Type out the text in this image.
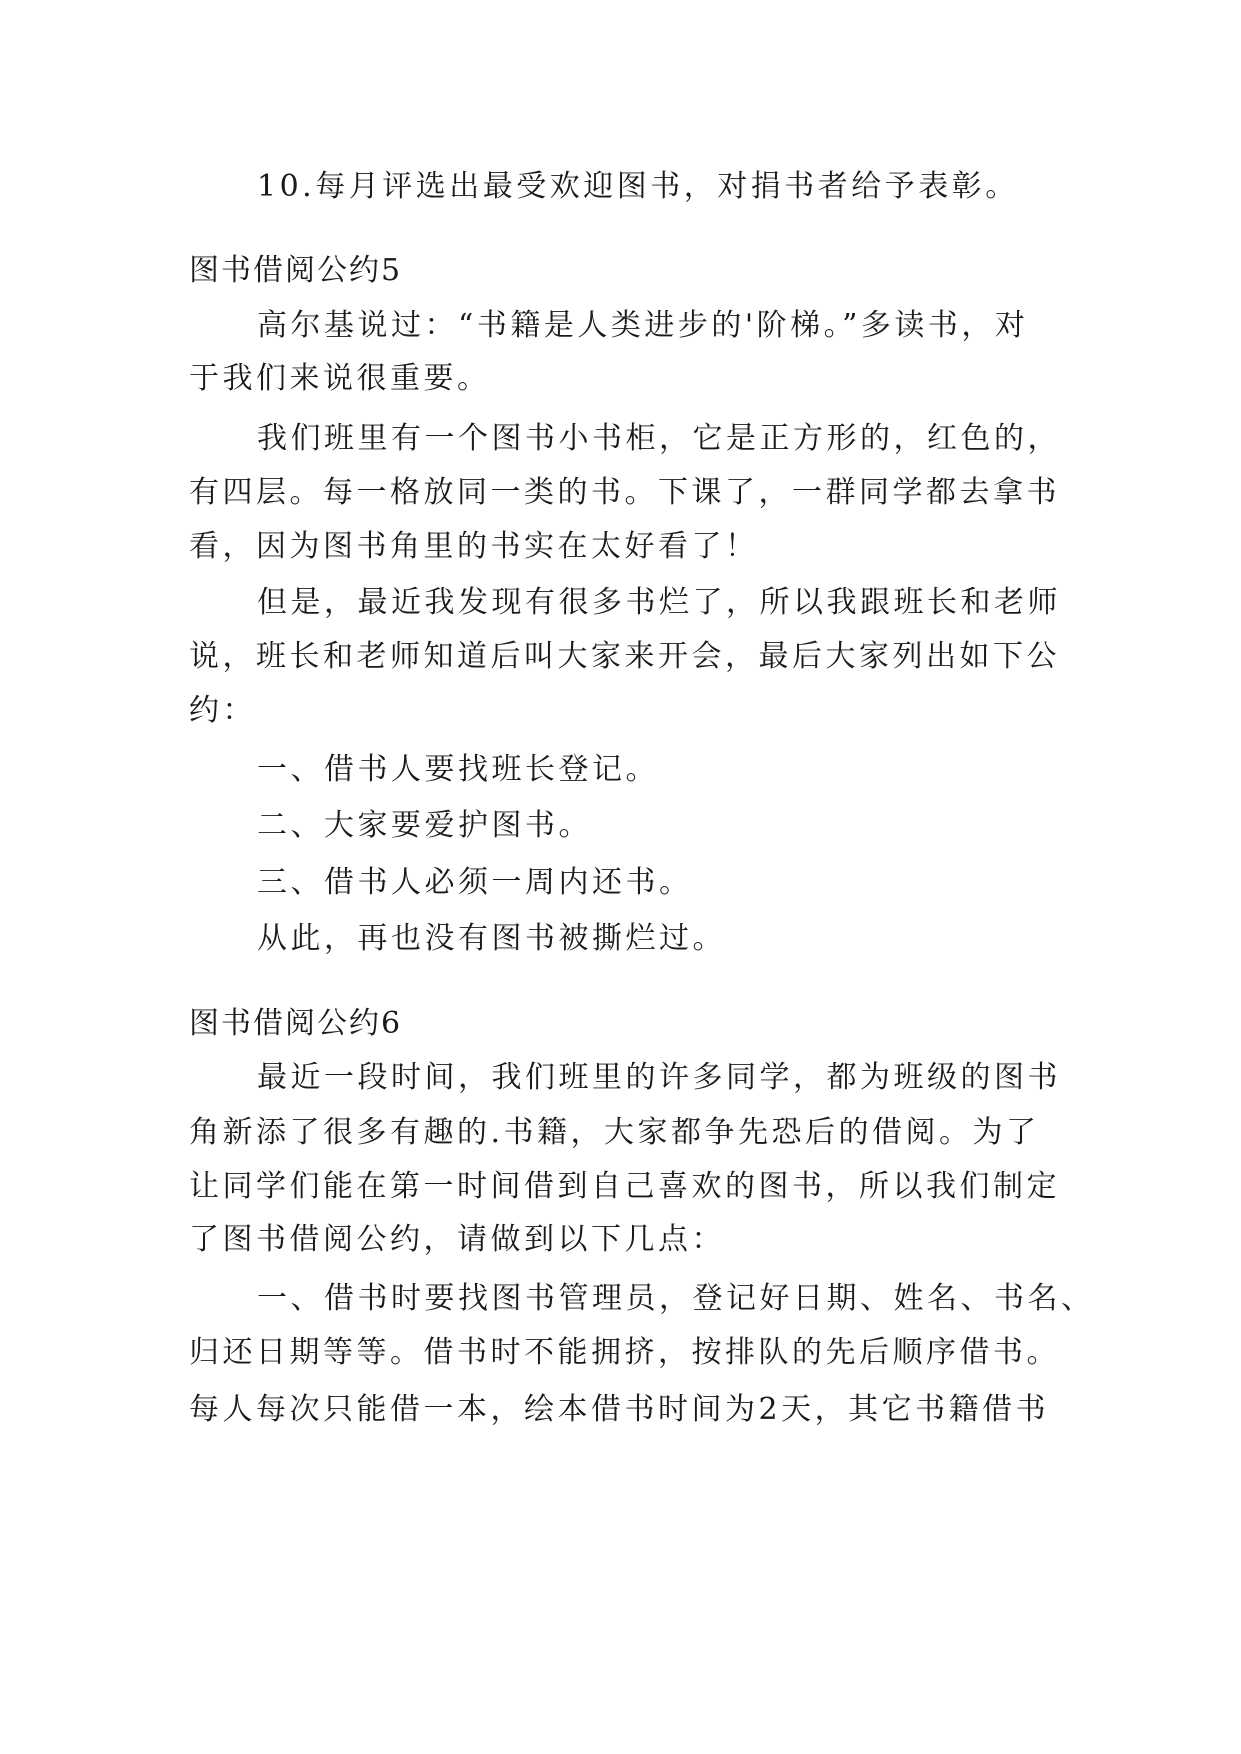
10.每月评选出最受欢迎图书，对捐书者给予表彰。
图书借阅公约5
高尔基说过：“书籍是人类进步的'阶梯。”多读书，对
于我们来说很重要。
我们班里有一个图书小书柜，它是正方形的，红色的，
有四层。每一格放同一类的书。下课了，一群同学都去拿书
看，因为图书角里的书实在太好看了！
但是，最近我发现有很多书烂了，所以我跟班长和老师
说，班长和老师知道后叫大家来开会，最后大家列出如下公
约：
一、借书人要找班长登记。
二、大家要爱护图书。
三、借书人必须一周内还书。
从此，再也没有图书被撕烂过。
图书借阅公约6
最近一段时间，我们班里的许多同学，都为班级的图书
角新添了很多有趣的.书籍，大家都争先恐后的借阅。为了
让同学们能在第一时间借到自己喜欢的图书，所以我们制定
了图书借阅公约，请做到以下几点：
一、借书时要找图书管理员，登记好日期、姓名、书名、
归还日期等等。借书时不能拥挤，按排队的先后顺序借书。
每人每次只能借一本，绘本借书时间为2天，其它书籍借书
